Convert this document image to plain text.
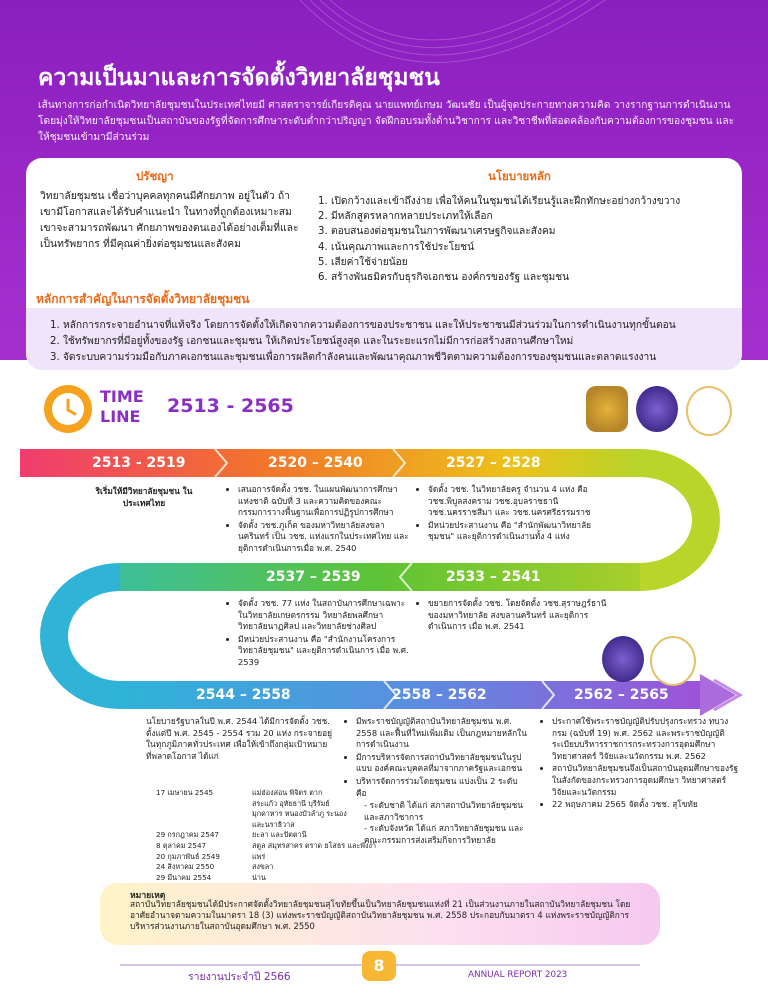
ความเป็นมาและการจัดตั้งวิทยาลัยชุมชน
เส้นทางการก่อกำเนิดวิทยาลัยชุมชนในประเทศไทยมี ศาสตราจารย์เกียรติคุณ นายแพทย์เกษม วัฒนชัย เป็นผู้จุดประกายทางความคิด วางรากฐานการดำเนินงาน โดยมุ่งให้วิทยาลัยชุมชนเป็นสถาบันของรัฐที่จัดการศึกษาระดับต่ำกว่าปริญญา จัดฝึกอบรมทั้งด้านวิชาการ และวิชาชีพที่สอดคล้องกับความต้องการของชุมชน และให้ชุมชนเข้ามามีส่วนร่วม
ปรัชญา
วิทยาลัยชุมชน เชื่อว่าบุคคลทุกคนมีศักยภาพ อยู่ในตัว ถ้าเขามีโอกาสและได้รับคำแนะนำ ในทางที่ถูกต้องเหมาะสม เขาจะสามารถพัฒนา ศักยภาพของตนเองได้อย่างเต็มที่และเป็นทรัพยากร ที่มีคุณค่ายิ่งต่อชุมชนและสังคม
นโยบายหลัก
1. เปิดกว้างและเข้าถึงง่าย เพื่อให้คนในชุมชนได้เรียนรู้และฝึกทักษะอย่างกว้างขวาง
2. มีหลักสูตรหลากหลายประเภทให้เลือก
3. ตอบสนองต่อชุมชนในการพัฒนาเศรษฐกิจและสังคม
4. เน้นคุณภาพและการใช้ประโยชน์
5. เสียค่าใช้จ่ายน้อย
6. สร้างพันธมิตรกับธุรกิจเอกชน องค์กรของรัฐ และชุมชน
หลักการสำคัญในการจัดตั้งวิทยาลัยชุมชน
1. หลักการกระจายอำนาจที่แท้จริง โดยการจัดตั้งให้เกิดจากความต้องการของประชาชน และให้ประชาชนมีส่วนร่วมในการดำเนินงานทุกขั้นตอน
2. ใช้ทรัพยากรที่มีอยู่ทั้งของรัฐ เอกชนและชุมชน ให้เกิดประโยชน์สูงสุด และในระยะแรกไม่มีการก่อสร้างสถานศึกษาใหม่
3. จัดระบบความร่วมมือกับภาคเอกชนและชุมชนเพื่อการผลิตกำลังคนและพัฒนาคุณภาพชีวิตตามความต้องการของชุมชนและตลาดแรงงาน
TIME
LINE 2513 - 2565
2513 - 2519	2520 – 2540	2527 – 2528
2537 – 2539	2533 – 2541
2544 – 2558	2558 – 2562	2562 – 2565
ริเริ่มให้มีวิทยาลัยชุมชน ในประเทศไทย
• เสนอการจัดตั้ง วชช. ในแผนพัฒนาการศึกษา แห่งชาติ ฉบับที่ 3 และความคิดของคณะ กรรมการวางพื้นฐานเพื่อการปฏิรูปการศึกษา
• จัดตั้ง วชช.ภูเก็ต ของมหาวิทยาลัยสงขลา นครินทร์ เป็น วชช. แห่งแรกในประเทศไทย และยุติการดำเนินการเมื่อ พ.ศ. 2540
• จัดตั้ง วชช. ในวิทยาลัยครู จำนวน 4 แห่ง คือ วชช.พิบูลสงคราม วชช.อุบลราชธานี วชช.นครราชสีมา และ วชช.นครศรีธรรมราช
• มีหน่วยประสานงาน คือ "สำนักพัฒนาวิทยาลัย ชุมชน" และยุติการดำเนินงานทั้ง 4 แห่ง
• จัดตั้ง วชช. 77 แห่ง ในสถาบันการศึกษาเฉพาะ ในวิทยาลัยเกษตรกรรม วิทยาลัยพลศึกษา วิทยาลัยนาฏศิลป และวิทยาลัยช่างศิลป
• มีหน่วยประสานงาน คือ "สำนักงานโครงการ วิทยาลัยชุมชน" และยุติการดำเนินการ เมื่อ พ.ศ. 2539
• ขยายการจัดตั้ง วชช. โดยจัดตั้ง วชช.สุราษฎร์ธานี ของมหาวิทยาลัย สงขลานครินทร์ และยุติการดำเนินการ เมื่อ พ.ศ. 2541
นโยบายรัฐบาลในปี พ.ศ. 2544 ได้มีการจัดตั้ง วชช. ตั้งแต่ปี พ.ศ. 2545 - 2554 รวม 20 แห่ง กระจายอยู่ในทุกภูมิภาคทั่วประเทศ เพื่อให้เข้าถึงกลุ่มเป้าหมาย ที่พลาดโอกาส ได้แก่
17 เมษายน 2545	แม่ฮ่องสอน พิจิตร ตาก สระแก้ว อุทัยธานี บุรีรัมย์ มุกดาหาร หนองบัวลำภู ระนอง และนราธิวาส
29 กรกฎาคม 2547	ยะลา และปัตตานี
8 ตุลาคม 2547	สตูล สมุทรสาคร ตราด ยโสธร และพังงา
20 กุมภาพันธ์ 2549	แพร่
24 สิงหาคม 2550	สงขลา
29 มีนาคม 2554	น่าน
• มีพระราชบัญญัติสถาบันวิทยาลัยชุมชน พ.ศ. 2558 และฟื้นที่ใหม่เพิ่มเติม เป็นกฎหมายหลักในการดำเนินงาน
• มีการบริหารจัดการสถาบันวิทยาลัยชุมชนในรูปแบบ องค์คณะบุคคลที่มาจากภาครัฐและเอกชน
• บริหารจัดการร่วมโดยชุมชน แบ่งเป็น 2 ระดับ คือ
- ระดับชาติ ได้แก่ สภาสถาบันวิทยาลัยชุมชน และสภาวิชาการ
- ระดับจังหวัด ได้แก่ สภาวิทยาลัยชุมชน และคณะกรรมการส่งเสริมกิจการวิทยาลัย
• ประกาศใช้พระราชบัญญัติปรับปรุงกระทรวง ทบวง กรม (ฉบับที่ 19) พ.ศ. 2562 และพระราชบัญญัติ ระเบียบบริหารราชการกระทรวงการอุดมศึกษา วิทยาศาสตร์ วิจัยและนวัตกรรม พ.ศ. 2562
• สถาบันวิทยาลัยชุมชนจึงเป็นสถาบันอุดมศึกษาของรัฐ ในสังกัดของกระทรวงการอุดมศึกษา วิทยาศาสตร์ วิจัยและนวัตกรรม
• 22 พฤษภาคม 2565 จัดตั้ง วชช. สุโขทัย
หมายเหตุ
สถาบันวิทยาลัยชุมชนได้มีประกาศจัดตั้งวิทยาลัยชุมชนสุโขทัยขึ้นเป็นวิทยาลัยชุมชนแห่งที่ 21 เป็นส่วนงานภายในสถาบันวิทยาลัยชุมชน โดยอาศัยอำนาจตามความในมาตรา 18 (3) แห่งพระราชบัญญัติสถาบันวิทยาลัยชุมชน พ.ศ. 2558 ประกอบกับมาตรา 4 แห่งพระราชบัญญัติการบริหารส่วนงานภายในสถาบันอุดมศึกษา พ.ศ. 2550
รายงานประจำปี 2566
8	ANNUAL REPORT 2023
